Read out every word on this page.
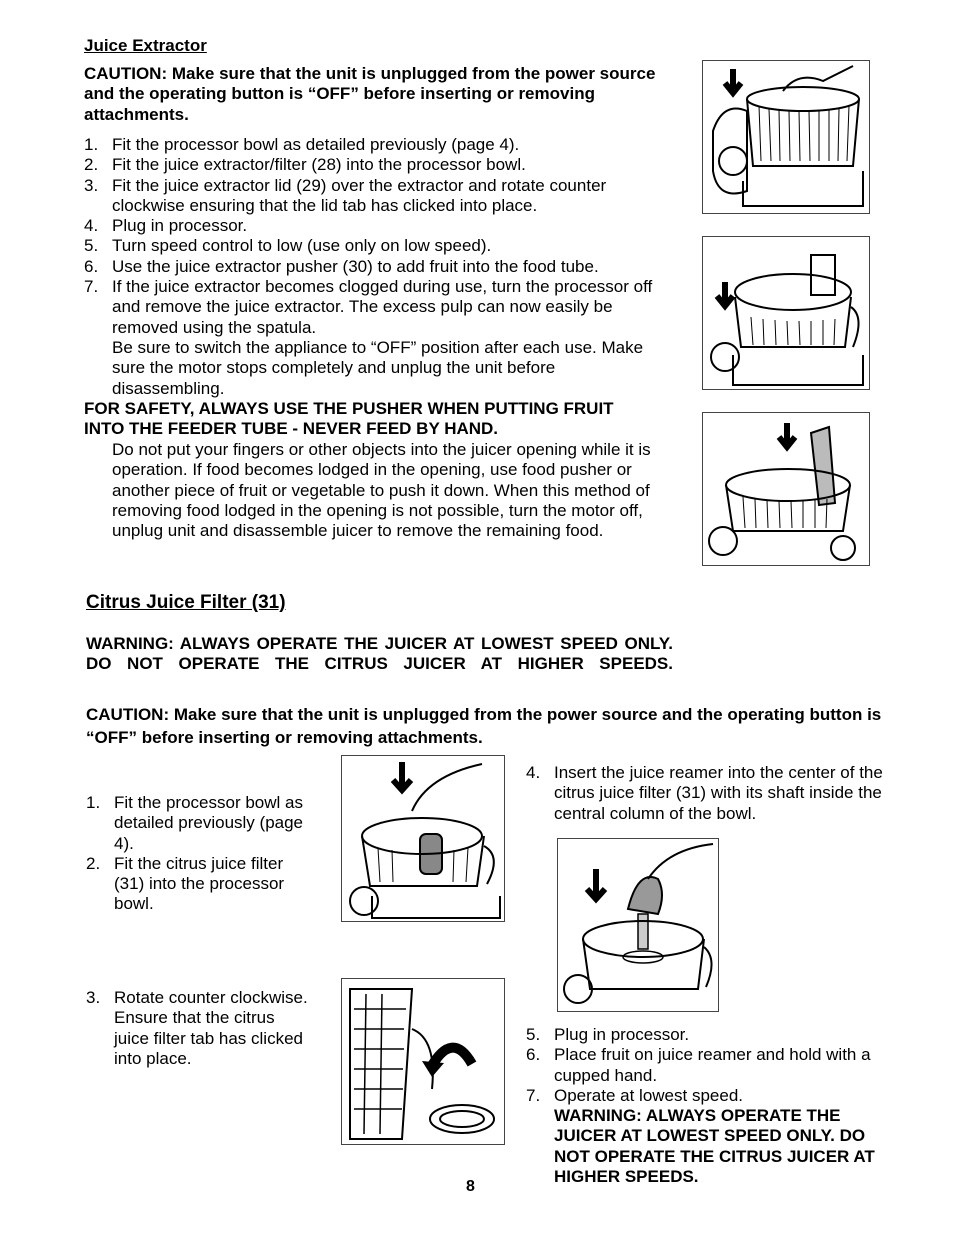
Juice Extractor
CAUTION: Make sure that the unit is unplugged from the power source and the operating button is “OFF” before inserting or removing attachments.
1. Fit the processor bowl as detailed previously (page 4).
2. Fit the juice extractor/filter (28) into the processor bowl.
3. Fit the juice extractor lid (29) over the extractor and rotate counter clockwise ensuring that the lid tab has clicked into place.
4. Plug in processor.
5. Turn speed control to low (use only on low speed).
6. Use the juice extractor pusher (30) to add fruit into the food tube.
7. If the juice extractor becomes clogged during use, turn the processor off and remove the juice extractor. The excess pulp can now easily be removed using the spatula.
Be sure to switch the appliance to “OFF” position after each use. Make sure the motor stops completely and unplug the unit before disassembling.
FOR SAFETY, ALWAYS USE THE PUSHER WHEN PUTTING FRUIT INTO THE FEEDER TUBE - NEVER FEED BY HAND.
Do not put your fingers or other objects into the juicer opening while it is operation. If food becomes lodged in the opening, use food pusher or another piece of fruit or vegetable to push it down. When this method of removing food lodged in the opening is not possible, turn the motor off, unplug unit and disassemble juicer to remove the remaining food.
Citrus Juice Filter (31)
WARNING: ALWAYS OPERATE THE JUICER AT LOWEST SPEED ONLY. DO NOT OPERATE THE CITRUS JUICER AT HIGHER SPEEDS.
CAUTION: Make sure that the unit is unplugged from the power source and the operating button is “OFF” before inserting or removing attachments.
1. Fit the processor bowl as detailed previously (page 4).
2. Fit the citrus juice filter (31) into the processor bowl.
3. Rotate counter clockwise. Ensure that the citrus juice filter tab has clicked into place.
4. Insert the juice reamer into the center of the citrus juice filter (31) with its shaft inside the central column of the bowl.
5. Plug in processor.
6. Place fruit on juice reamer and hold with a cupped hand.
7. Operate at lowest speed.
WARNING: ALWAYS OPERATE THE JUICER AT LOWEST SPEED ONLY. DO NOT OPERATE THE CITRUS JUICER AT HIGHER SPEEDS.
8
